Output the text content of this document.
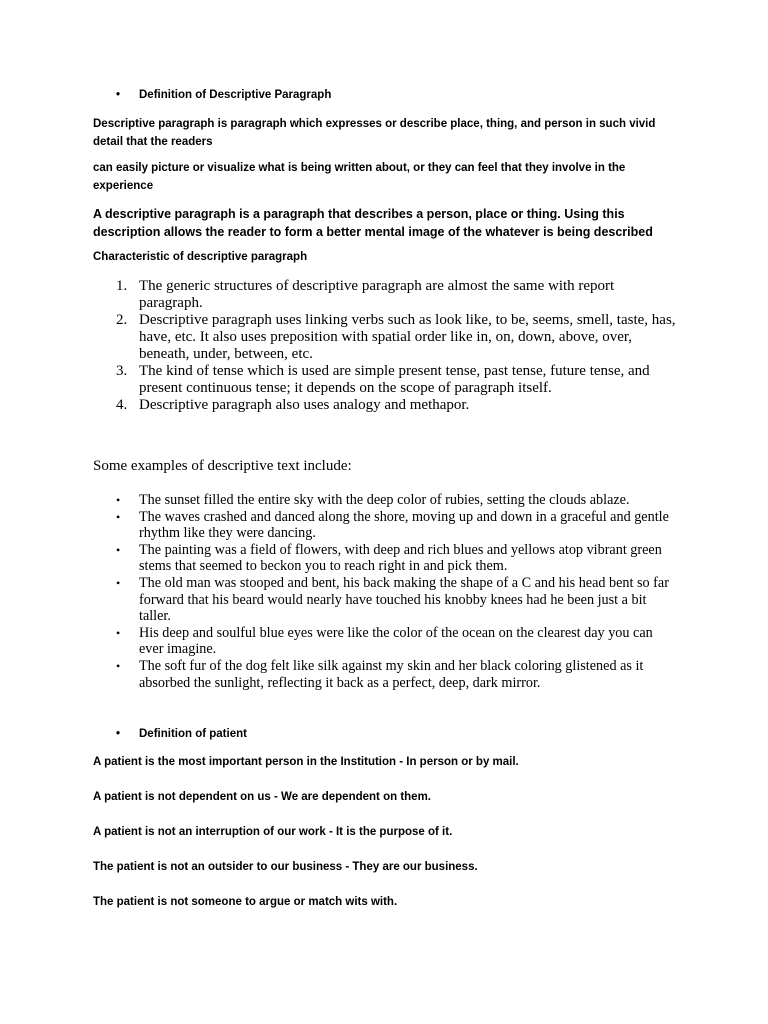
• Definition of Descriptive Paragraph

Descriptive paragraph is paragraph which expresses or describe place, thing, and person in such vivid detail that the readers

can easily picture or visualize what is being written about, or they can feel that they involve in the experience

A descriptive paragraph is a paragraph that describes a person, place or thing. Using this description allows the reader to form a better mental image of the whatever is being described

Characteristic of descriptive paragraph

1. The generic structures of descriptive paragraph are almost the same with report paragraph.
2. Descriptive paragraph uses linking verbs such as look like, to be, seems, smell, taste, has, have, etc. It also uses preposition with spatial order like in, on, down, above, over, beneath, under, between, etc.
3. The kind of tense which is used are simple present tense, past tense, future tense, and present continuous tense; it depends on the scope of paragraph itself.
4. Descriptive paragraph also uses analogy and methapor.

Some examples of descriptive text include:

• The sunset filled the entire sky with the deep color of rubies, setting the clouds ablaze.
• The waves crashed and danced along the shore, moving up and down in a graceful and gentle rhythm like they were dancing.
• The painting was a field of flowers, with deep and rich blues and yellows atop vibrant green stems that seemed to beckon you to reach right in and pick them.
• The old man was stooped and bent, his back making the shape of a C and his head bent so far forward that his beard would nearly have touched his knobby knees had he been just a bit taller.
• His deep and soulful blue eyes were like the color of the ocean on the clearest day you can ever imagine.
• The soft fur of the dog felt like silk against my skin and her black coloring glistened as it absorbed the sunlight, reflecting it back as a perfect, deep, dark mirror.
• Definition of patient

A patient is the most important person in the Institution - In person or by mail.

A patient is not dependent on us - We are dependent on them.

A patient is not an interruption of our work - It is the purpose of it.

The patient is not an outsider to our business - They are our business.

The patient is not someone to argue or match wits with.
